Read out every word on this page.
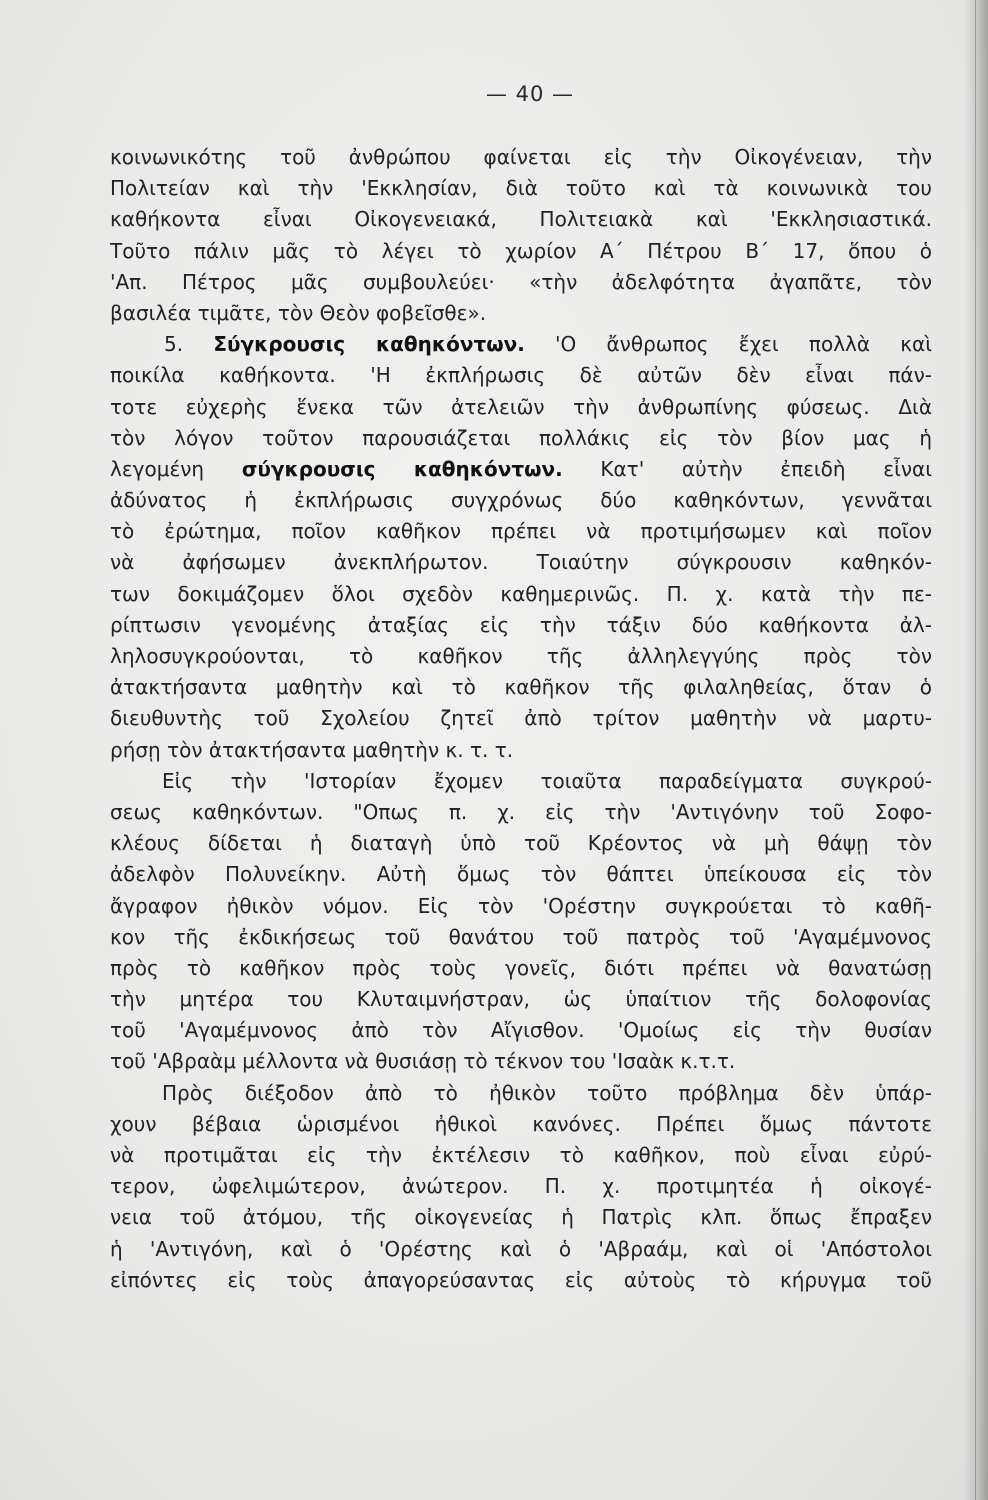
— 40 —
κοινωνικότης τοῦ ἀνθρώπου φαίνεται εἰς τὴν Οἰκογένειαν, τὴν
Πολιτείαν καὶ τὴν 'Εκκλησίαν, διὰ τοῦτο καὶ τὰ κοινωνικὰ του
καθήκοντα εἶναι Οἰκογενειακά, Πολιτειακὰ καὶ 'Εκκλησιαστικά.
Τοῦτο πάλιν μᾶς τὸ λέγει τὸ χωρίον Α΄ Πέτρου Β΄ 17, ὅπου ὁ
'Απ. Πέτρος μᾶς συμβουλεύει· «τὴν ἀδελφότητα ἀγαπᾶτε, τὸν
βασιλέα τιμᾶτε, τὸν Θεὸν φοβεῖσθε».
5. Σύγκρουσις καθηκόντων. 'Ο ἄνθρωπος ἔχει πολλὰ καὶ
ποικίλα καθήκοντα. 'Η ἐκπλήρωσις δὲ αὐτῶν δὲν εἶναι πάν-
τοτε εὐχερὴς ἕνεκα τῶν ἀτελειῶν τὴν ἀνθρωπίνης φύσεως. Διὰ
τὸν λόγον τοῦτον παρουσιάζεται πολλάκις εἰς τὸν βίον μας ἡ
λεγομένη σύγκρουσις καθηκόντων. Κατ' αὐτὴν ἐπειδὴ εἶναι
ἀδύνατος ἡ ἐκπλήρωσις συγχρόνως δύο καθηκόντων, γεννᾶται
τὸ ἐρώτημα, ποῖον καθῆκον πρέπει νὰ προτιμήσωμεν καὶ ποῖον
νὰ ἀφήσωμεν ἀνεκπλήρωτον. Τοιαύτην σύγκρουσιν καθηκόν-
των δοκιμάζομεν ὅλοι σχεδὸν καθημερινῶς. Π. χ. κατὰ τὴν πε-
ρίπτωσιν γενομένης ἀταξίας εἰς τὴν τάξιν δύο καθήκοντα ἀλ-
ληλοσυγκρούονται, τὸ καθῆκον τῆς ἀλληλεγγύης πρὸς τὸν
ἀτακτήσαντα μαθητὴν καὶ τὸ καθῆκον τῆς φιλαληθείας, ὅταν ὁ
διευθυντὴς τοῦ Σχολείου ζητεῖ ἀπὸ τρίτον μαθητὴν νὰ μαρτυ-
ρήσῃ τὸν ἀτακτήσαντα μαθητὴν κ. τ. τ.
Εἰς τὴν 'Ιστορίαν ἔχομεν τοιαῦτα παραδείγματα συγκρού-
σεως καθηκόντων. "Οπως π. χ. εἰς τὴν 'Αντιγόνην τοῦ Σοφο-
κλέους δίδεται ἡ διαταγὴ ὑπὸ τοῦ Κρέοντος νὰ μὴ θάψῃ τὸν
ἀδελφὸν Πολυνείκην. Αὐτὴ ὅμως τὸν θάπτει ὑπείκουσα εἰς τὸν
ἄγραφον ἠθικὸν νόμον. Εἰς τὸν 'Ορέστην συγκρούεται τὸ καθῆ-
κον τῆς ἐκδικήσεως τοῦ θανάτου τοῦ πατρὸς τοῦ 'Αγαμέμνονος
πρὸς τὸ καθῆκον πρὸς τοὺς γονεῖς, διότι πρέπει νὰ θανατώσῃ
τὴν μητέρα του Κλυταιμνήστραν, ὡς ὑπαίτιον τῆς δολοφονίας
τοῦ 'Αγαμέμνονος ἀπὸ τὸν Αἴγισθον. 'Ομοίως εἰς τὴν θυσίαν
τοῦ 'Αβραὰμ μέλλοντα νὰ θυσιάσῃ τὸ τέκνον του 'Ισαὰκ κ.τ.τ.
Πρὸς διέξοδον ἀπὸ τὸ ἠθικὸν τοῦτο πρόβλημα δὲν ὑπάρ-
χουν βέβαια ὡρισμένοι ἠθικοὶ κανόνες. Πρέπει ὅμως πάντοτε
νὰ προτιμᾶται εἰς τὴν ἐκτέλεσιν τὸ καθῆκον, ποὺ εἶναι εὐρύ-
τερον, ὠφελιμώτερον, ἀνώτερον. Π. χ. προτιμητέα ἡ οἰκογέ-
νεια τοῦ ἀτόμου, τῆς οἰκογενείας ἡ Πατρὶς κλπ. ὅπως ἔπραξεν
ἡ 'Αντιγόνη, καὶ ὁ 'Ορέστης καὶ ὁ 'Αβραάμ, καὶ οἱ 'Απόστολοι
εἰπόντες εἰς τοὺς ἀπαγορεύσαντας εἰς αὐτοὺς τὸ κήρυγμα τοῦ
